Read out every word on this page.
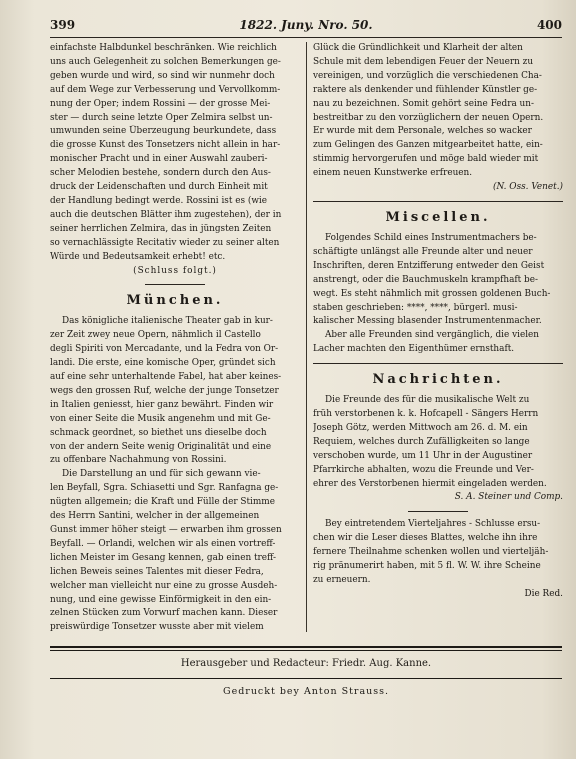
399	1822. Juny. Nro. 50.	400
einfachste Halbdunkel beschränken. Wie reichlich
uns auch Gelegenheit zu solchen Bemerkungen ge-
geben wurde und wird, so sind wir nunmehr doch
auf dem Wege zur Verbesserung und Vervollkomm-
nung der Oper; indem Rossini — der grosse Mei-
ster — durch seine letzte Oper Zelmira selbst un-
umwunden seine Überzeugung beurkundete, dass
die grosse Kunst des Tonsetzers nicht allein in har-
monischer Pracht und in einer Auswahl zauberi-
scher Melodien bestehe, sondern durch den Aus-
druck der Leidenschaften und durch Einheit mit
der Handlung bedingt werde. Rossini ist es (wie
auch die deutschen Blätter ihm zugestehen), der in
seiner herrlichen Zelmira, das in jüngsten Zeiten
so vernachlässigte Recitativ wieder zu seiner alten
Würde und Bedeutsamkeit erhebt! etc.

(Schluss folgt.)

München.
Das königliche italienische Theater gab in kur-
zer Zeit zwey neue Opern, nähmlich il Castello
degli Spiriti von Mercadante, und la Fedra von Or-
landi. Die erste, eine komische Oper, gründet sich
auf eine sehr unterhaltende Fabel, hat aber keines-
wegs den grossen Ruf, welche der junge Tonsetzer
in Italien geniesst, hier ganz bewährt. Finden wir
von einer Seite die Musik angenehm und mit Ge-
schmack geordnet, so biethet uns dieselbe doch
von der andern Seite wenig Originalität und eine
zu offenbare Nachahmung von Rossini.
Die Darstellung an und für sich gewann vie-
len Beyfall, Sgra. Schiasetti und Sgr. Ranfagna ge-
nügten allgemein; die Kraft und Fülle der Stimme
des Herrn Santini, welcher in der allgemeinen
Gunst immer höher steigt — erwarben ihm grossen
Beyfall. — Orlandi, welchen wir als einen vortreff-
lichen Meister im Gesang kennen, gab einen treff-
lichen Beweis seines Talentes mit dieser Fedra,
welcher man vielleicht nur eine zu grosse Ausdeh-
nung, und eine gewisse Einförmigkeit in den ein-
zelnen Stücken zum Vorwurf machen kann. Dieser
preiswürdige Tonsetzer wusste aber mit vielem
Glück die Gründlichkeit und Klarheit der alten
Schule mit dem lebendigen Feuer der Neuern zu
vereinigen, und vorzüglich die verschiedenen Cha-
raktere als denkender und fühlender Künstler ge-
nau zu bezeichnen. Somit gehört seine Fedra un-
bestreitbar zu den vorzüglichern der neuen Opern.
Er wurde mit dem Personale, welches so wacker
zum Gelingen des Ganzen mitgearbeitet hatte, ein-
stimmig hervorgerufen und möge bald wieder mit
einem neuen Kunstwerke erfreuen.

(N. Oss. Venet.)

Miscellen.
Folgendes Schild eines Instrumentmachers be-
schäftigte unlängst alle Freunde alter und neuer
Inschriften, deren Entzifferung entweder den Geist
anstrengt, oder die Bauchmuskeln krampfhaft be-
wegt. Es steht nähmlich mit grossen goldenen Buch-
staben geschrieben: ****, ****, bürgerl. musi-
kalischer Messing blasender Instrumentenmacher.
Aber alle Freunden sind vergänglich, die vielen
Lacher machten den Eigenthümer ernsthaft.
Nachrichten.
Die Freunde des für die musikalische Welt zu
früh verstorbenen k. k. Hofcapell - Sängers Herrn
Joseph Götz, werden Mittwoch am 26. d. M. ein
Requiem, welches durch Zufälligkeiten so lange
verschoben wurde, um 11 Uhr in der Augustiner
Pfarrkirche abhalten, wozu die Freunde und Ver-
ehrer des Verstorbenen hiermit eingeladen werden.

S. A. Steiner und Comp.

Bey eintretendem Vierteljahres - Schlusse ersu-
chen wir die Leser dieses Blattes, welche ihn ihre
fernere Theilnahme schenken wollen und vierteljäh-
rig pränumerirt haben, mit 5 fl. W. W. ihre Scheine
zu erneuern.

Die Red.

Herausgeber und Redacteur: Friedr. Aug. Kanne.
Gedruckt bey Anton Strauss.
